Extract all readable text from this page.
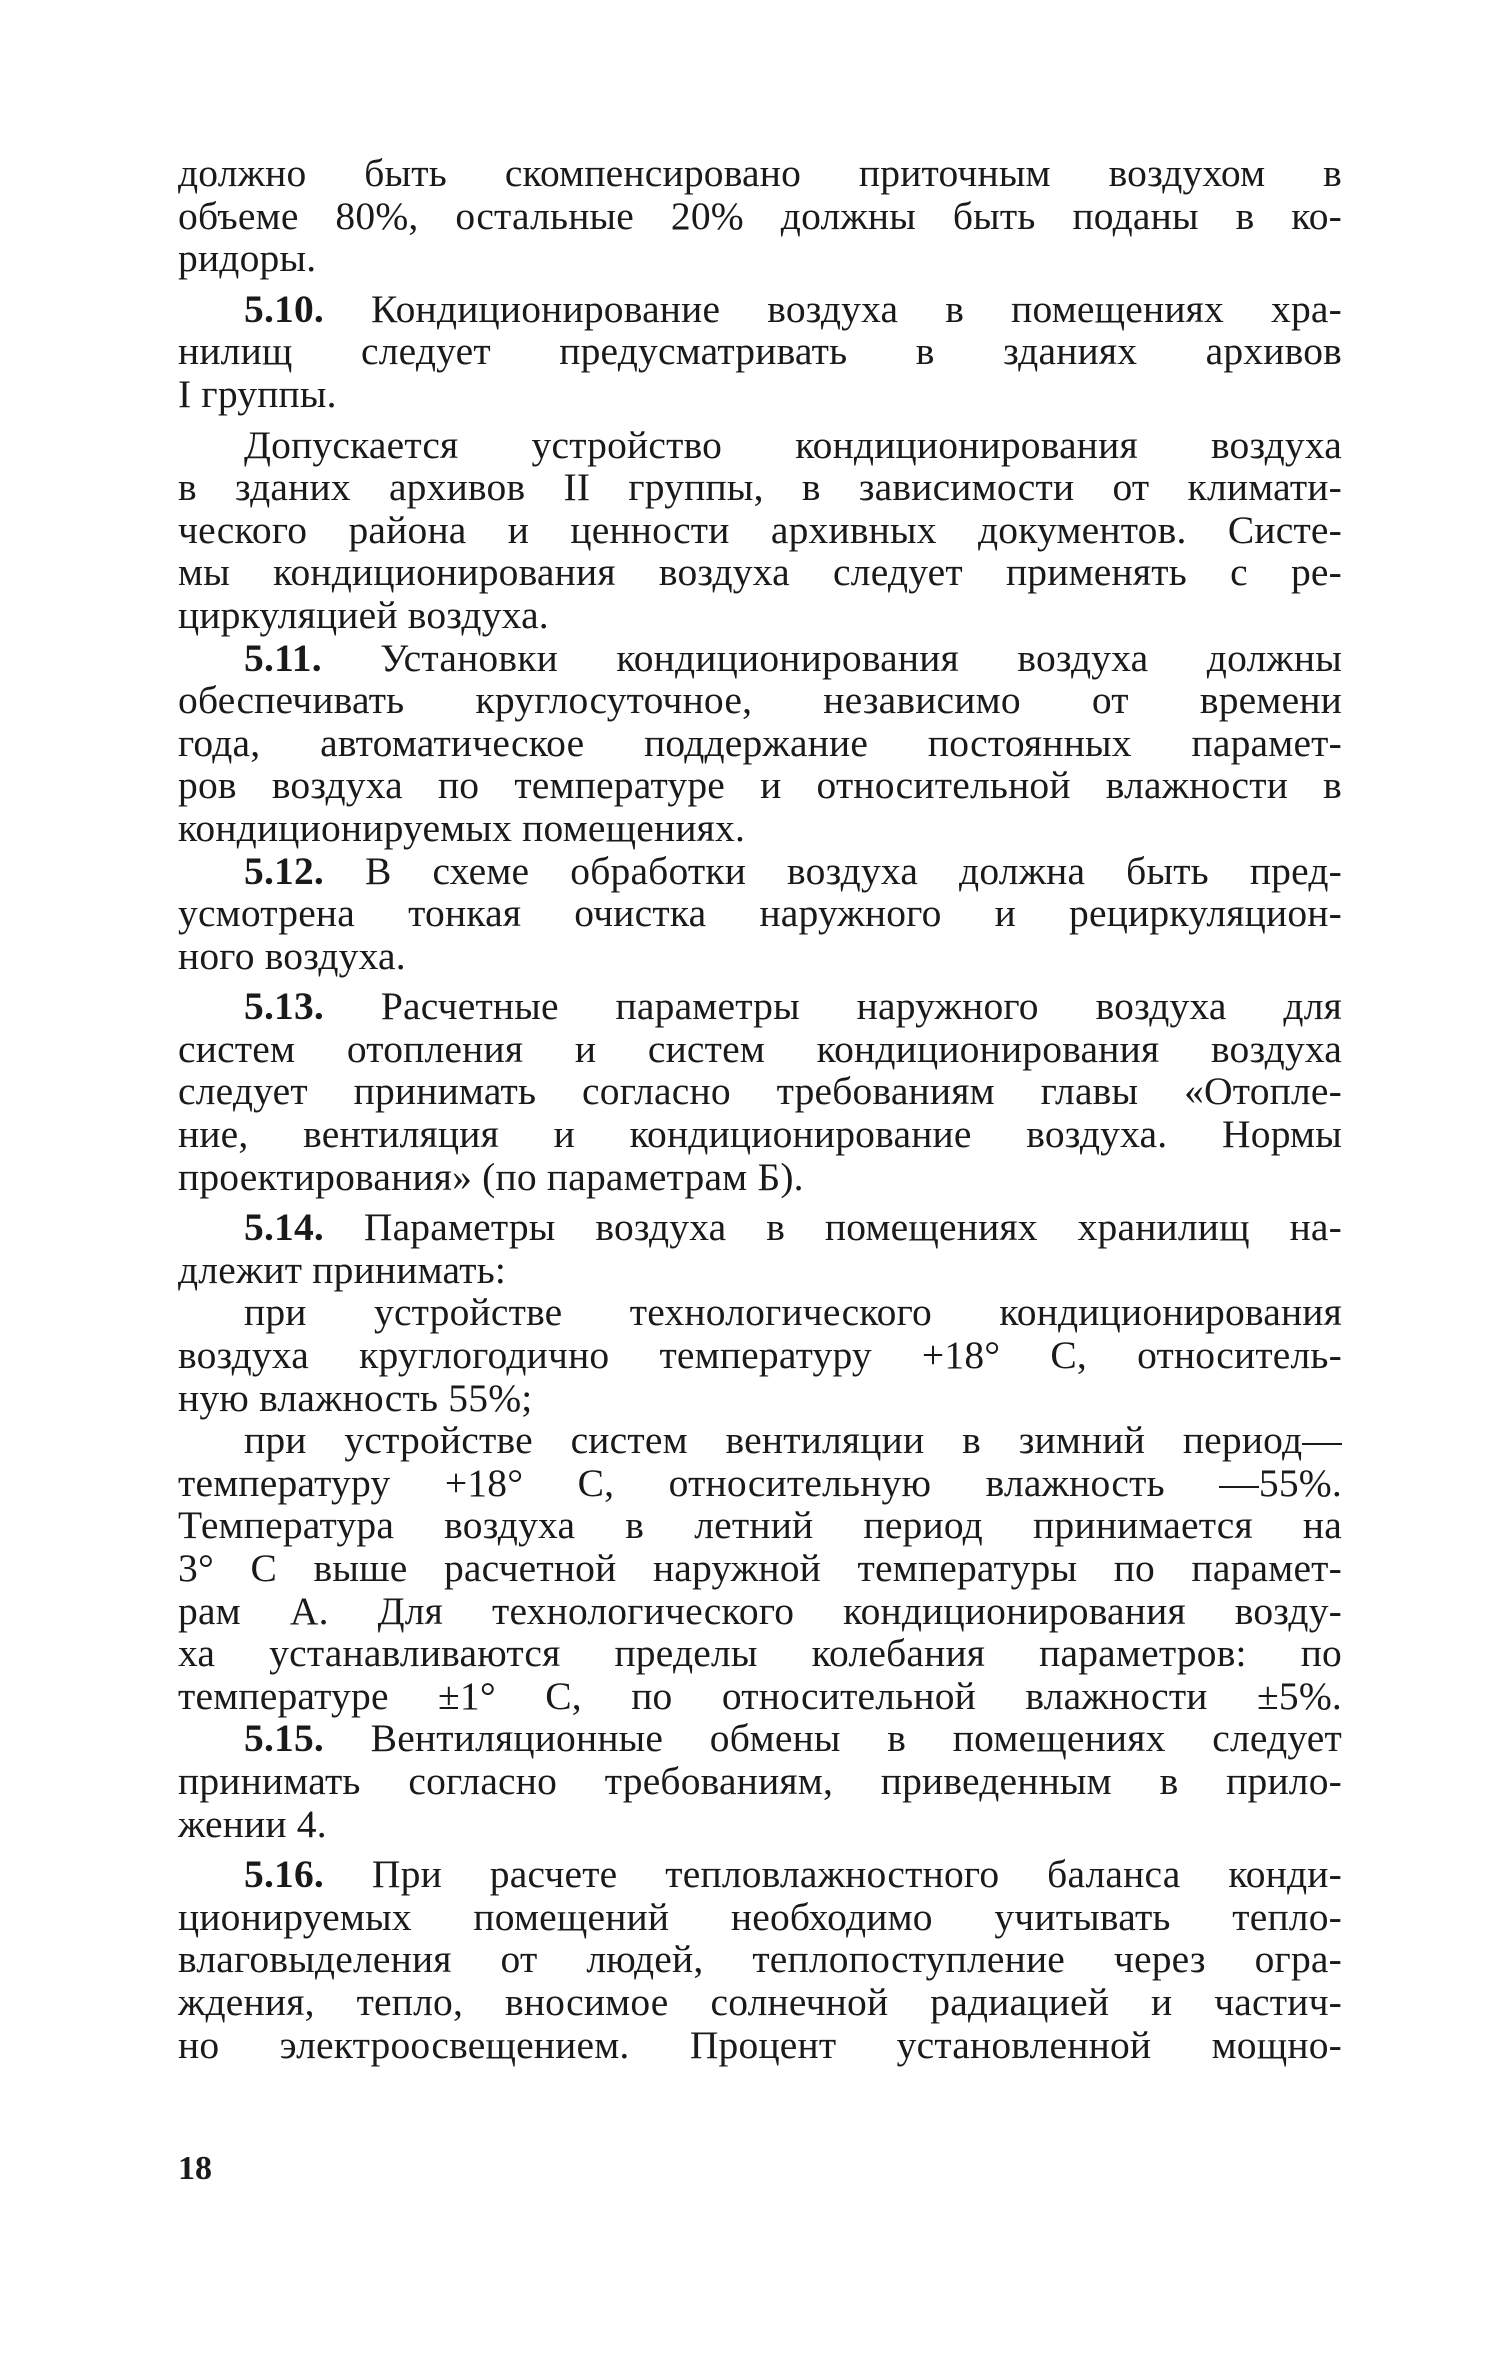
должно быть скомпенсировано приточным воздухом в
объеме 80%, остальные 20% должны быть поданы в ко-
ридоры.
5.10. Кондиционирование воздуха в помещениях хра-
нилищ следует предусматривать в зданиях архивов
I группы.
Допускается устройство кондиционирования воздуха
в зданих архивов II группы, в зависимости от климати-
ческого района и ценности архивных документов. Систе-
мы кондиционирования воздуха следует применять с ре-
циркуляцией воздуха.
5.11. Установки кондиционирования воздуха должны
обеспечивать круглосуточное, независимо от времени
года, автоматическое поддержание постоянных парамет-
ров воздуха по температуре и относительной влажности в
кондиционируемых помещениях.
5.12. В схеме обработки воздуха должна быть пред-
усмотрена тонкая очистка наружного и рециркуляцион-
ного воздуха.
5.13. Расчетные параметры наружного воздуха для
систем отопления и систем кондиционирования воздуха
следует принимать согласно требованиям главы «Отопле-
ние, вентиляция и кондиционирование воздуха. Нормы
проектирования» (по параметрам Б).
5.14. Параметры воздуха в помещениях хранилищ на-
длежит принимать:
при устройстве технологического кондиционирования
воздуха круглогодично температуру +18° С, относитель-
ную влажность 55%;
при устройстве систем вентиляции в зимний период—
температуру +18° С, относительную влажность —55%.
Температура воздуха в летний период принимается на
3° С выше расчетной наружной температуры по парамет-
рам А. Для технологического кондиционирования возду-
ха устанавливаются пределы колебания параметров: по
температуре ±1° С, по относительной влажности ±5%.
5.15. Вентиляционные обмены в помещениях следует
принимать согласно требованиям, приведенным в прило-
жении 4.
5.16. При расчете тепловлажностного баланса конди-
ционируемых помещений необходимо учитывать тепло-
влаговыделения от людей, теплопоступление через огра-
ждения, тепло, вносимое солнечной радиацией и частич-
но электроосвещением. Процент установленной мощно-
18
